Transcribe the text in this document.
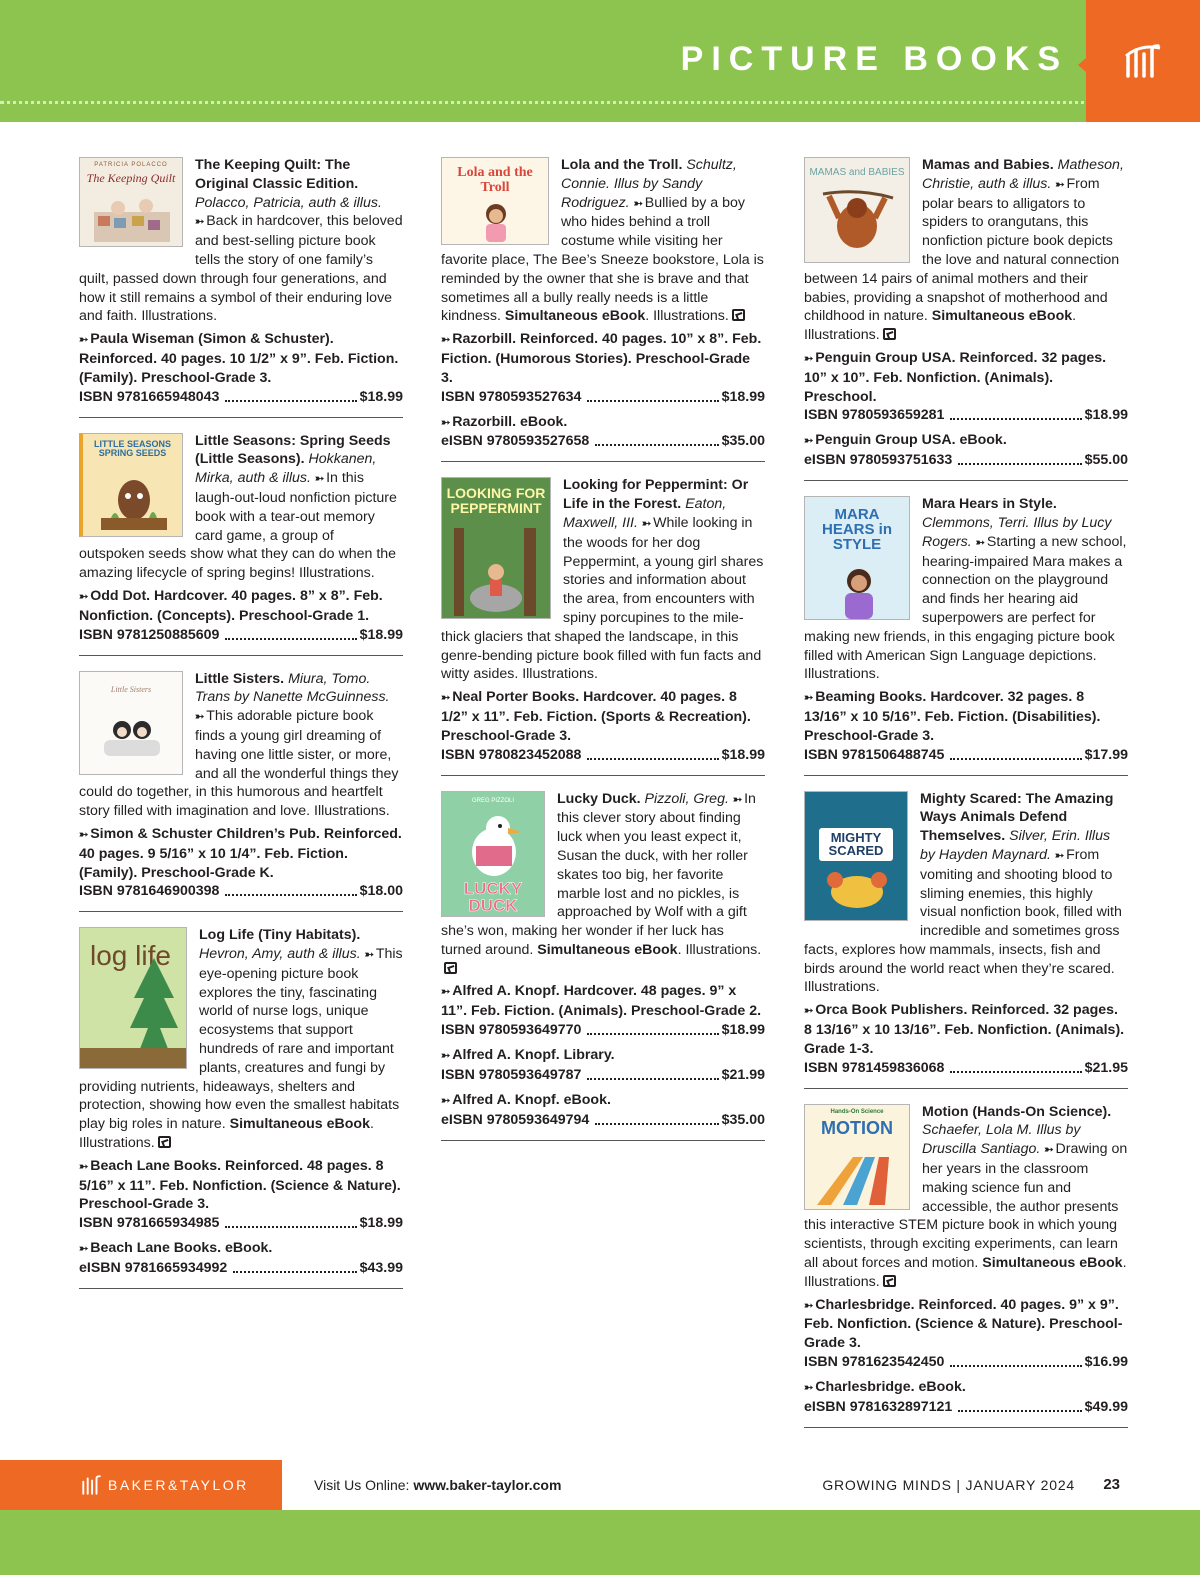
PICTURE BOOKS
PATRICIA POLACCO
The Keeping Quilt
The Keeping Quilt: The Original Classic Edition. Polacco, Patricia, auth & illus. ➳ Back in hardcover, this beloved and best-selling picture book tells the story of one family’s quilt, passed down through four generations, and how it still remains a symbol of their enduring love and faith. Illustrations.
➳ Paula Wiseman (Simon & Schuster). Reinforced. 40 pages. 10 1/2” x 9”. Feb. Fiction. (Family). Preschool-Grade 3.
ISBN 9781665948043	$18.99
LITTLE SEASONS SPRING SEEDS
Little Seasons: Spring Seeds (Little Seasons). Hokkanen, Mirka, auth & illus. ➳ In this laugh-out-loud nonfiction picture book with a tear-out memory card game, a group of outspoken seeds show what they can do when the amazing lifecycle of spring begins! Illustrations.
➳ Odd Dot. Hardcover. 40 pages. 8” x 8”. Feb. Nonfiction. (Concepts). Preschool-Grade 1.
ISBN 9781250885609	$18.99
Little Sisters
Little Sisters. Miura, Tomo. Trans by Nanette McGuinness. ➳ This adorable picture book finds a young girl dreaming of having one little sister, or more, and all the wonderful things they could do together, in this humorous and heartfelt story filled with imagination and love. Illustrations.
➳ Simon & Schuster Children’s Pub. Reinforced. 40 pages. 9 5/16” x 10 1/4”. Feb. Fiction. (Family). Preschool-Grade K.
ISBN 9781646900398	$18.00
log life
Log Life (Tiny Habitats). Hevron, Amy, auth & illus. ➳ This eye-opening picture book explores the tiny, fascinating world of nurse logs, unique ecosystems that support hundreds of rare and important plants, creatures and fungi by providing nutrients, hideaways, shelters and protection, showing how even the smallest habitats play big roles in nature. Simultaneous eBook. Illustrations.
➳ Beach Lane Books. Reinforced. 48 pages. 8 5/16” x 11”. Feb. Nonfiction. (Science & Nature). Preschool-Grade 3.
ISBN 9781665934985	$18.99
➳ Beach Lane Books. eBook.
eISBN 9781665934992	$43.99
Lola and the Troll
Lola and the Troll. Schultz, Connie. Illus by Sandy Rodriguez. ➳ Bullied by a boy who hides behind a troll costume while visiting her favorite place, The Bee’s Sneeze bookstore, Lola is reminded by the owner that she is brave and that sometimes all a bully really needs is a little kindness. Simultaneous eBook. Illustrations.
➳ Razorbill. Reinforced. 40 pages. 10” x 8”. Feb. Fiction. (Humorous Stories). Preschool-Grade 3.
ISBN 9780593527634	$18.99
➳ Razorbill. eBook.
eISBN 9780593527658	$35.00
LOOKING FOR PEPPERMINT
Looking for Peppermint: Or Life in the Forest. Eaton, Maxwell, III. ➳ While looking in the woods for her dog Peppermint, a young girl shares stories and information about the area, from encounters with spiny porcupines to the mile-thick glaciers that shaped the landscape, in this genre-bending picture book filled with fun facts and witty asides. Illustrations.
➳ Neal Porter Books. Hardcover. 40 pages. 8 1/2” x 11”. Feb. Fiction. (Sports & Recreation). Preschool-Grade 3.
ISBN 9780823452088	$18.99
GREG PIZZOLI
LUCKY DUCK
Lucky Duck. Pizzoli, Greg. ➳ In this clever story about finding luck when you least expect it, Susan the duck, with her roller skates too big, her favorite marble lost and no pickles, is approached by Wolf with a gift she’s won, making her wonder if her luck has turned around. Simultaneous eBook. Illustrations.
➳ Alfred A. Knopf. Hardcover. 48 pages. 9” x 11”. Feb. Fiction. (Animals). Preschool-Grade 2.
ISBN 9780593649770	$18.99
➳ Alfred A. Knopf. Library.
ISBN 9780593649787	$21.99
➳ Alfred A. Knopf. eBook.
eISBN 9780593649794	$35.00
MAMAS and BABIES	Mamas and Babies. Matheson, Christie, auth & illus. ➳ From polar bears to alligators to spiders to orangutans, this nonfiction picture book depicts the love and natural connection between 14 pairs of animal mothers and their babies, providing a snapshot of motherhood and childhood in nature. Simultaneous eBook. Illustrations.
➳ Penguin Group USA. Reinforced. 32 pages. 10” x 10”. Feb. Nonfiction. (Animals). Preschool.
ISBN 9780593659281	$18.99
➳ Penguin Group USA. eBook.
eISBN 9780593751633	$55.00
MARA HEARS in STYLE
Mara Hears in Style. Clemmons, Terri. Illus by Lucy Rogers. ➳ Starting a new school, hearing-impaired Mara makes a connection on the playground and finds her hearing aid superpowers are perfect for making new friends, in this engaging picture book filled with American Sign Language depictions. Illustrations.
➳ Beaming Books. Hardcover. 32 pages. 8 13/16” x 10 5/16”. Feb. Fiction. (Disabilities). Preschool-Grade 3.
ISBN 9781506488745	$17.99
MIGHTY SCARED
Mighty Scared: The Amazing Ways Animals Defend Themselves. Silver, Erin. Illus by Hayden Maynard. ➳ From vomiting and shooting blood to sliming enemies, this highly visual nonfiction book, filled with incredible and sometimes gross facts, explores how mammals, insects, fish and birds around the world react when they’re scared. Illustrations.
➳ Orca Book Publishers. Reinforced. 32 pages. 8 13/16” x 10 13/16”. Feb. Nonfiction. (Animals). Grade 1-3.
ISBN 9781459836068	$21.95
Hands-On Science
MOTION
Motion (Hands-On Science). Schaefer, Lola M. Illus by Druscilla Santiago. ➳ Drawing on her years in the classroom making science fun and accessible, the author presents this interactive STEM picture book in which young scientists, through exciting experiments, can learn all about forces and motion. Simultaneous eBook. Illustrations.
➳ Charlesbridge. Reinforced. 40 pages. 9” x 9”. Feb. Nonfiction. (Science & Nature). Preschool-Grade 3.
ISBN 9781623542450	$16.99
➳ Charlesbridge. eBook.
eISBN 9781632897121	$49.99
BAKER&TAYLOR	Visit Us Online: www.baker-taylor.com	GROWING MINDS | JANUARY 2024 23
